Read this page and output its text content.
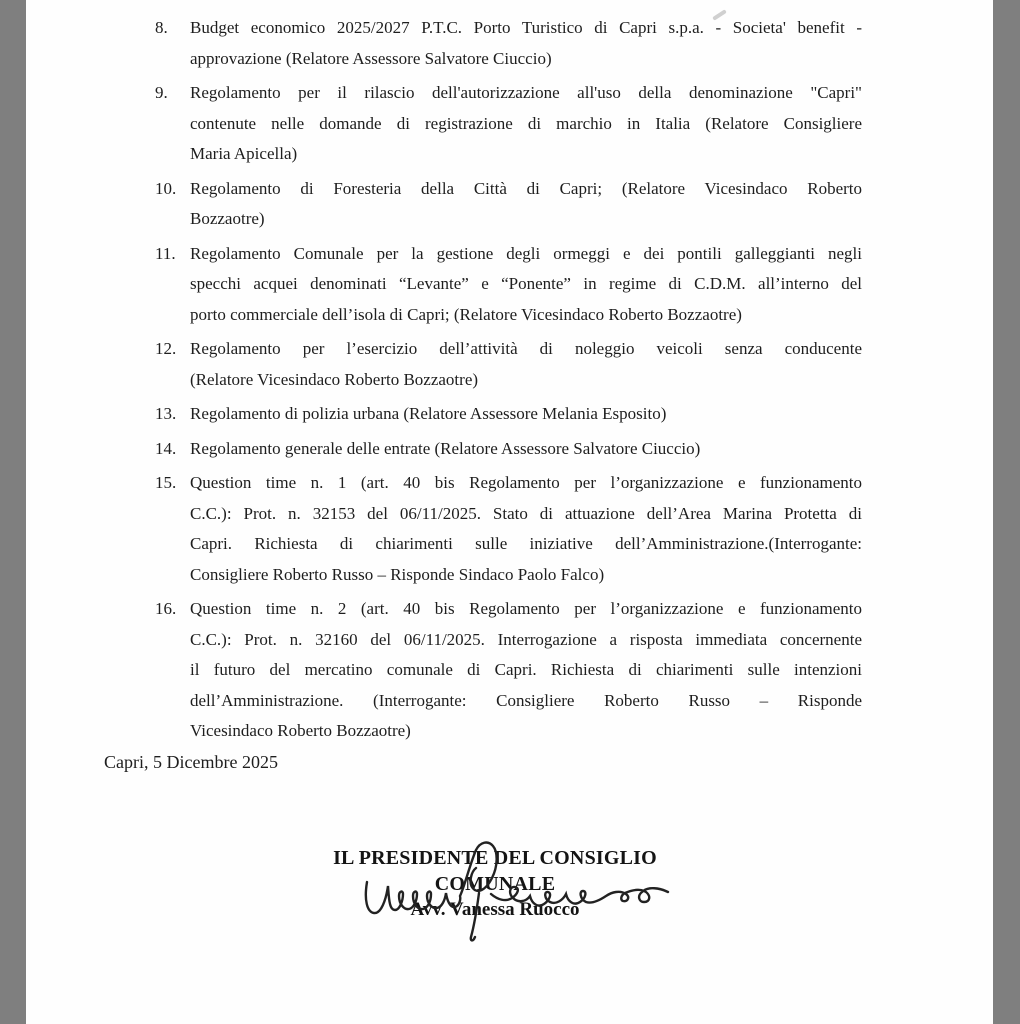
8.	Budget economico 2025/2027 P.T.C. Porto Turistico di Capri s.p.a. - Societa' benefit -
approvazione (Relatore Assessore Salvatore Ciuccio)
9.	Regolamento per il rilascio dell'autorizzazione all'uso della denominazione "Capri"
contenute nelle domande di registrazione di marchio in Italia (Relatore Consigliere
Maria Apicella)
10. Regolamento di Foresteria della Città di Capri; (Relatore Vicesindaco Roberto
Bozzaotre)
11. Regolamento Comunale per la gestione degli ormeggi e dei pontili galleggianti negli
specchi acquei denominati “Levante” e “Ponente” in regime di C.D.M. all’interno del
porto commerciale dell’isola di Capri; (Relatore Vicesindaco Roberto Bozzaotre)
12. Regolamento per l’esercizio dell’attività di noleggio veicoli senza conducente
(Relatore Vicesindaco Roberto Bozzaotre)
13. Regolamento di polizia urbana (Relatore Assessore Melania Esposito)
14. Regolamento generale delle entrate (Relatore Assessore Salvatore Ciuccio)
15. Question time n. 1 (art. 40 bis Regolamento per l’organizzazione e funzionamento
C.C.): Prot. n. 32153 del 06/11/2025. Stato di attuazione dell’Area Marina Protetta di
Capri. Richiesta di chiarimenti sulle iniziative dell’Amministrazione.(Interrogante:
Consigliere Roberto Russo – Risponde Sindaco Paolo Falco)
16. Question time n. 2 (art. 40 bis Regolamento per l’organizzazione e funzionamento
C.C.): Prot. n. 32160 del 06/11/2025. Interrogazione a risposta immediata concernente
il futuro del mercatino comunale di Capri. Richiesta di chiarimenti sulle intenzioni
dell’Amministrazione. (Interrogante: Consigliere Roberto Russo – Risponde
Vicesindaco Roberto Bozzaotre)
Capri, 5 Dicembre 2025
IL PRESIDENTE DEL CONSIGLIO COMUNALE
Avv. Vanessa Ruocco
